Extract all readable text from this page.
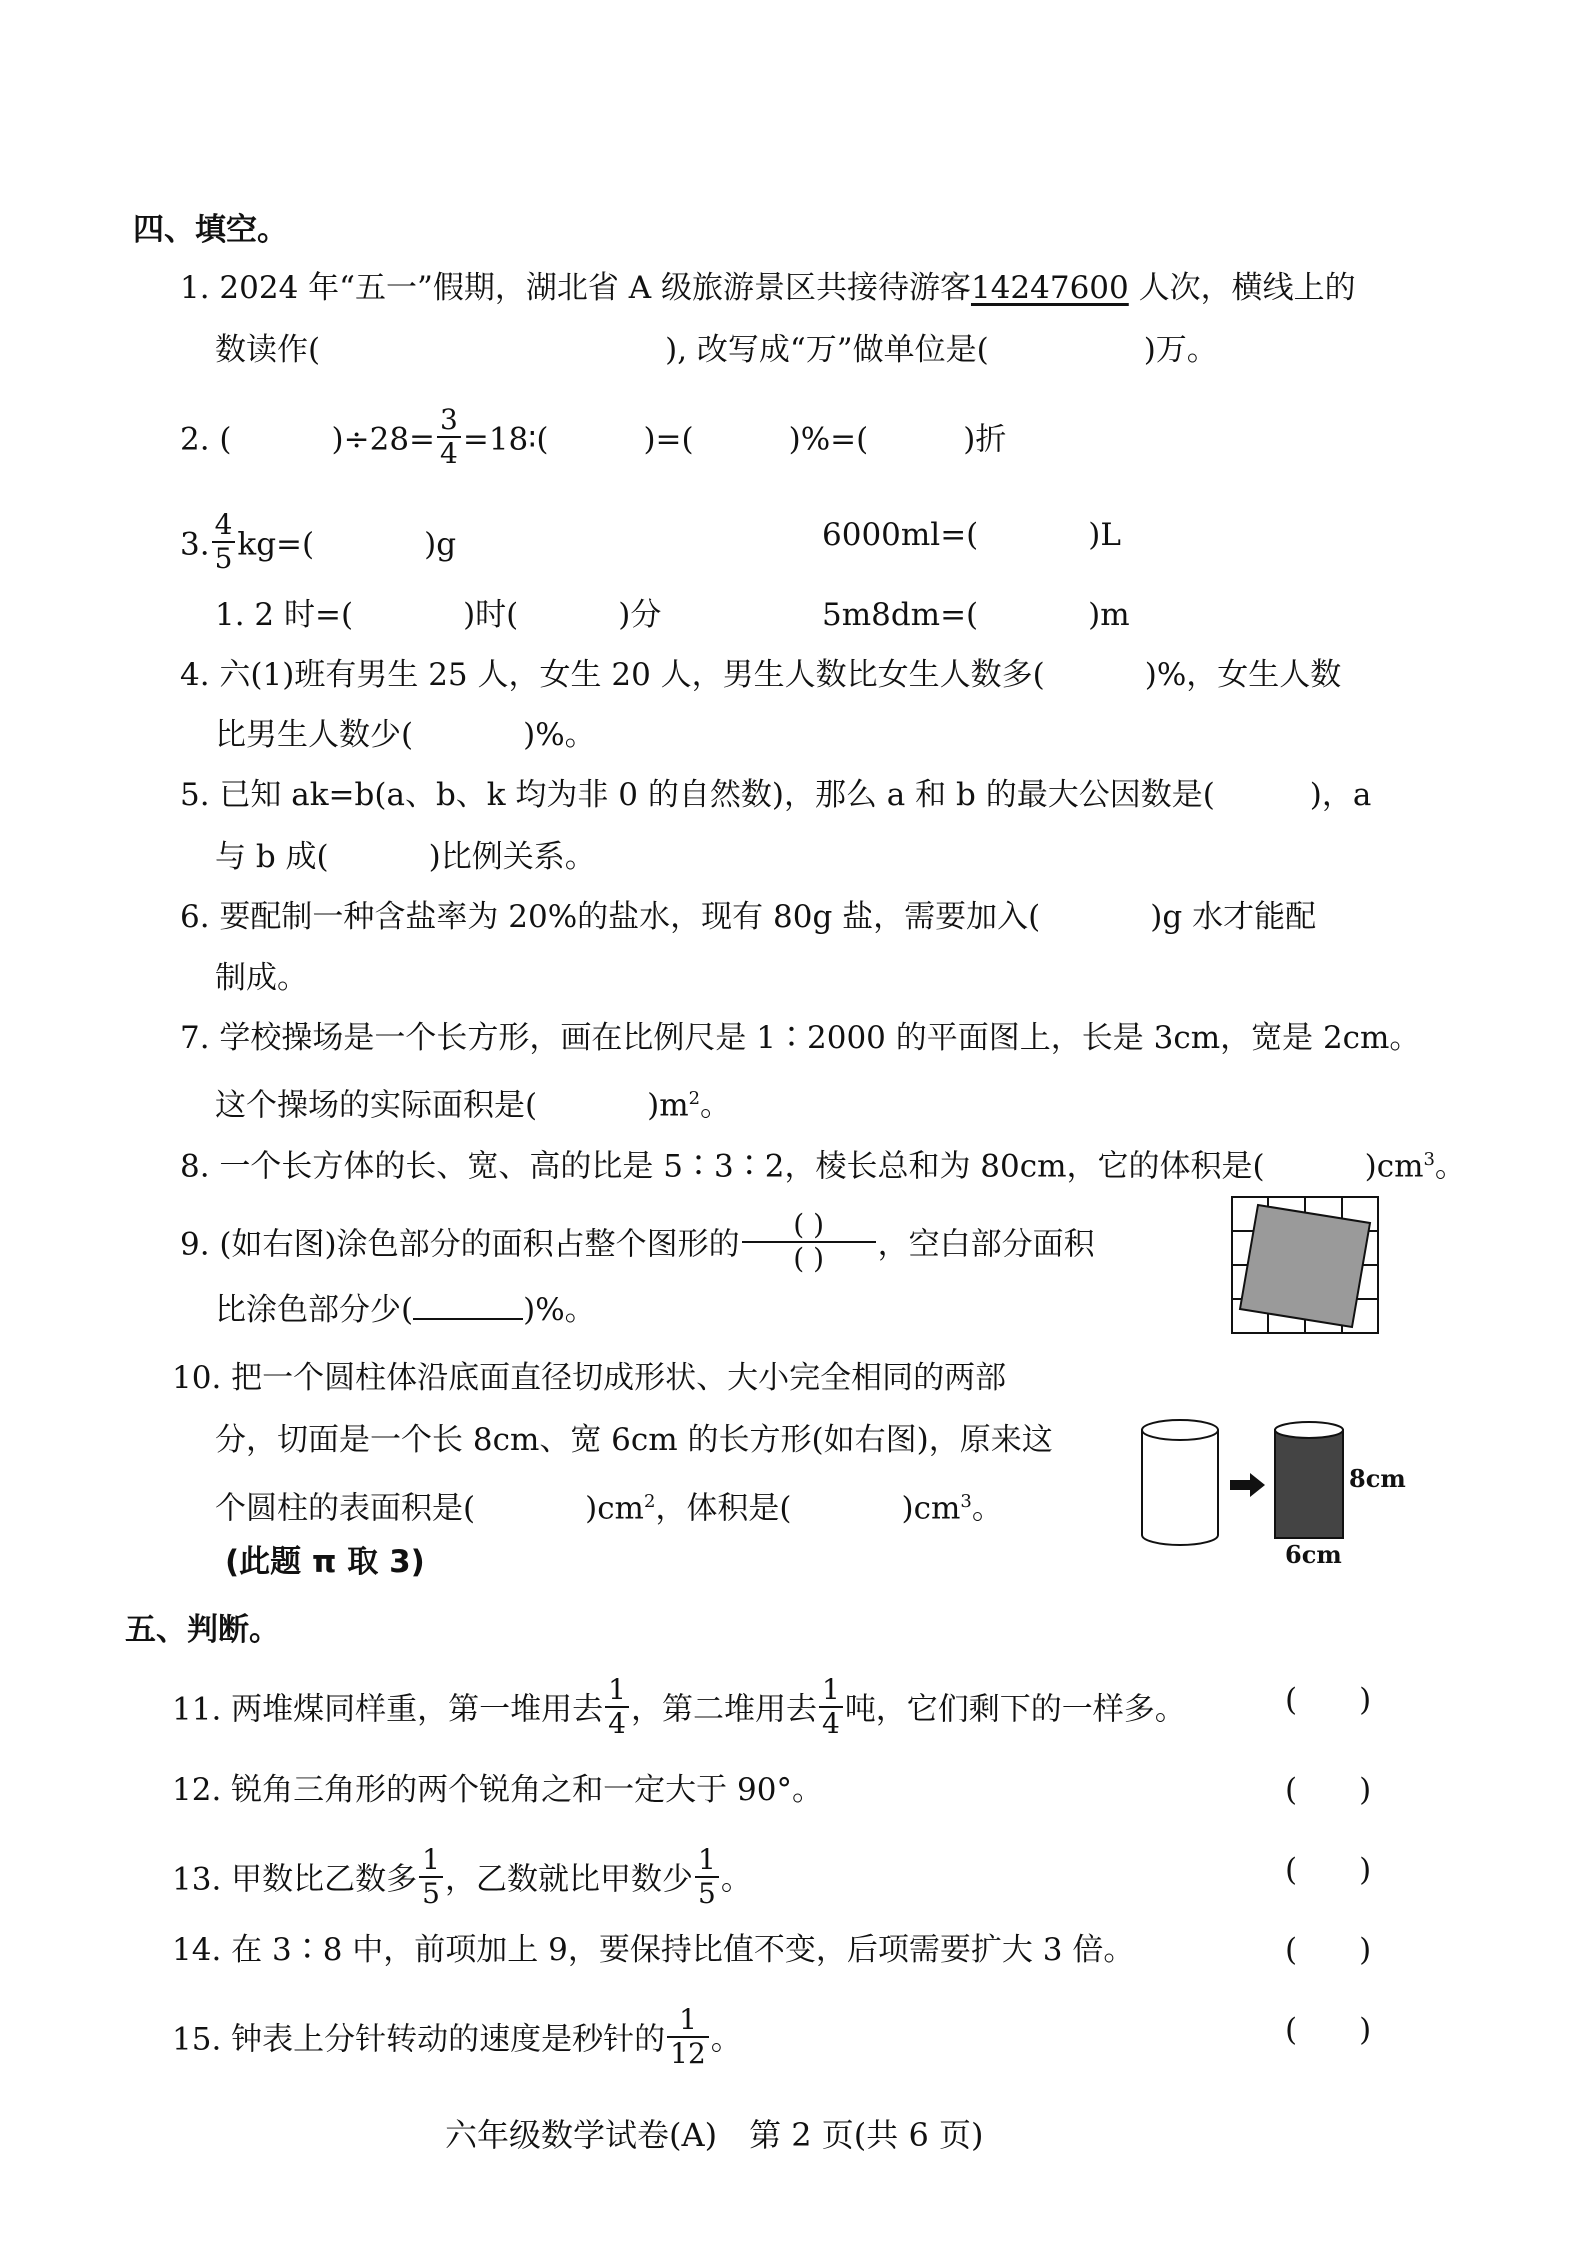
四、填空。
1. 2024 年“五一”假期，湖北省 A 级旅游景区共接待游客14247600 人次，横线上的
数读作(	), 改写成“万”做单位是(	)万。
2. (	)$\div 28= \frac{3}{4}$ =18∶(	)=(	)%=(	)折
3. $\frac{4}{5} kg=$(	)g	6000ml=(	)L
1. 2 时=(	)时(	)分	5m8dm=(	)m
4. 六(1)班有男生 25 人，女生 20 人，男生人数比女生人数多(	)%，女生人数
比男生人数少(	)%。
5. 已知 ak=b(a、b、k 均为非 0 的自然数)，那么 a 和 b 的最大公因数是(	)，a
与 b 成(	)比例关系。
6. 要配制一种含盐率为 20%的盐水，现有 80g 盐，需要加入(	)g 水才能配
制成。
7. 学校操场是一个长方形，画在比例尺是 1∶2000 的平面图上，长是 3cm，宽是 2cm。
这个操场的实际面积是(	)$m^2$。
8. 一个长方体的长、宽、高的比是 5∶3∶2，棱长总和为 80cm，它的体积是(	)$cm^3$。
9. (如右图)涂色部分的面积占整个图形的 $\frac{( )}{( )}$ ，空白部分面积
比涂色部分少(	)%。
10. 把一个圆柱体沿底面直径切成形状、大小完全相同的两部
分，切面是一个长 8cm、宽 6cm 的长方形(如右图)，原来这
个圆柱的表面积是(	)$cm^2$，体积是(	)$cm^3$。
(此题 π 取 3)
8cm
6cm
五、判断。
11. 两堆煤同样重，第一堆用去 $\frac{1}{4}$ ，第二堆用去 $\frac{1}{4}$ 吨，它们剩下的一样多。	(　　)
12. 锐角三角形的两个锐角之和一定大于 90°。	(　　)
13. 甲数比乙数多 $\frac{1}{5}$ ，乙数就比甲数少 $\frac{1}{5}$ 。	(　　)
14. 在 3∶8 中，前项加上 9，要保持比值不变，后项需要扩大 3 倍。	(　　)
15. 钟表上分针转动的速度是秒针的 $\frac{1}{12}$ 。	(　　)
六年级数学试卷(A)　第 2 页(共 6 页)
